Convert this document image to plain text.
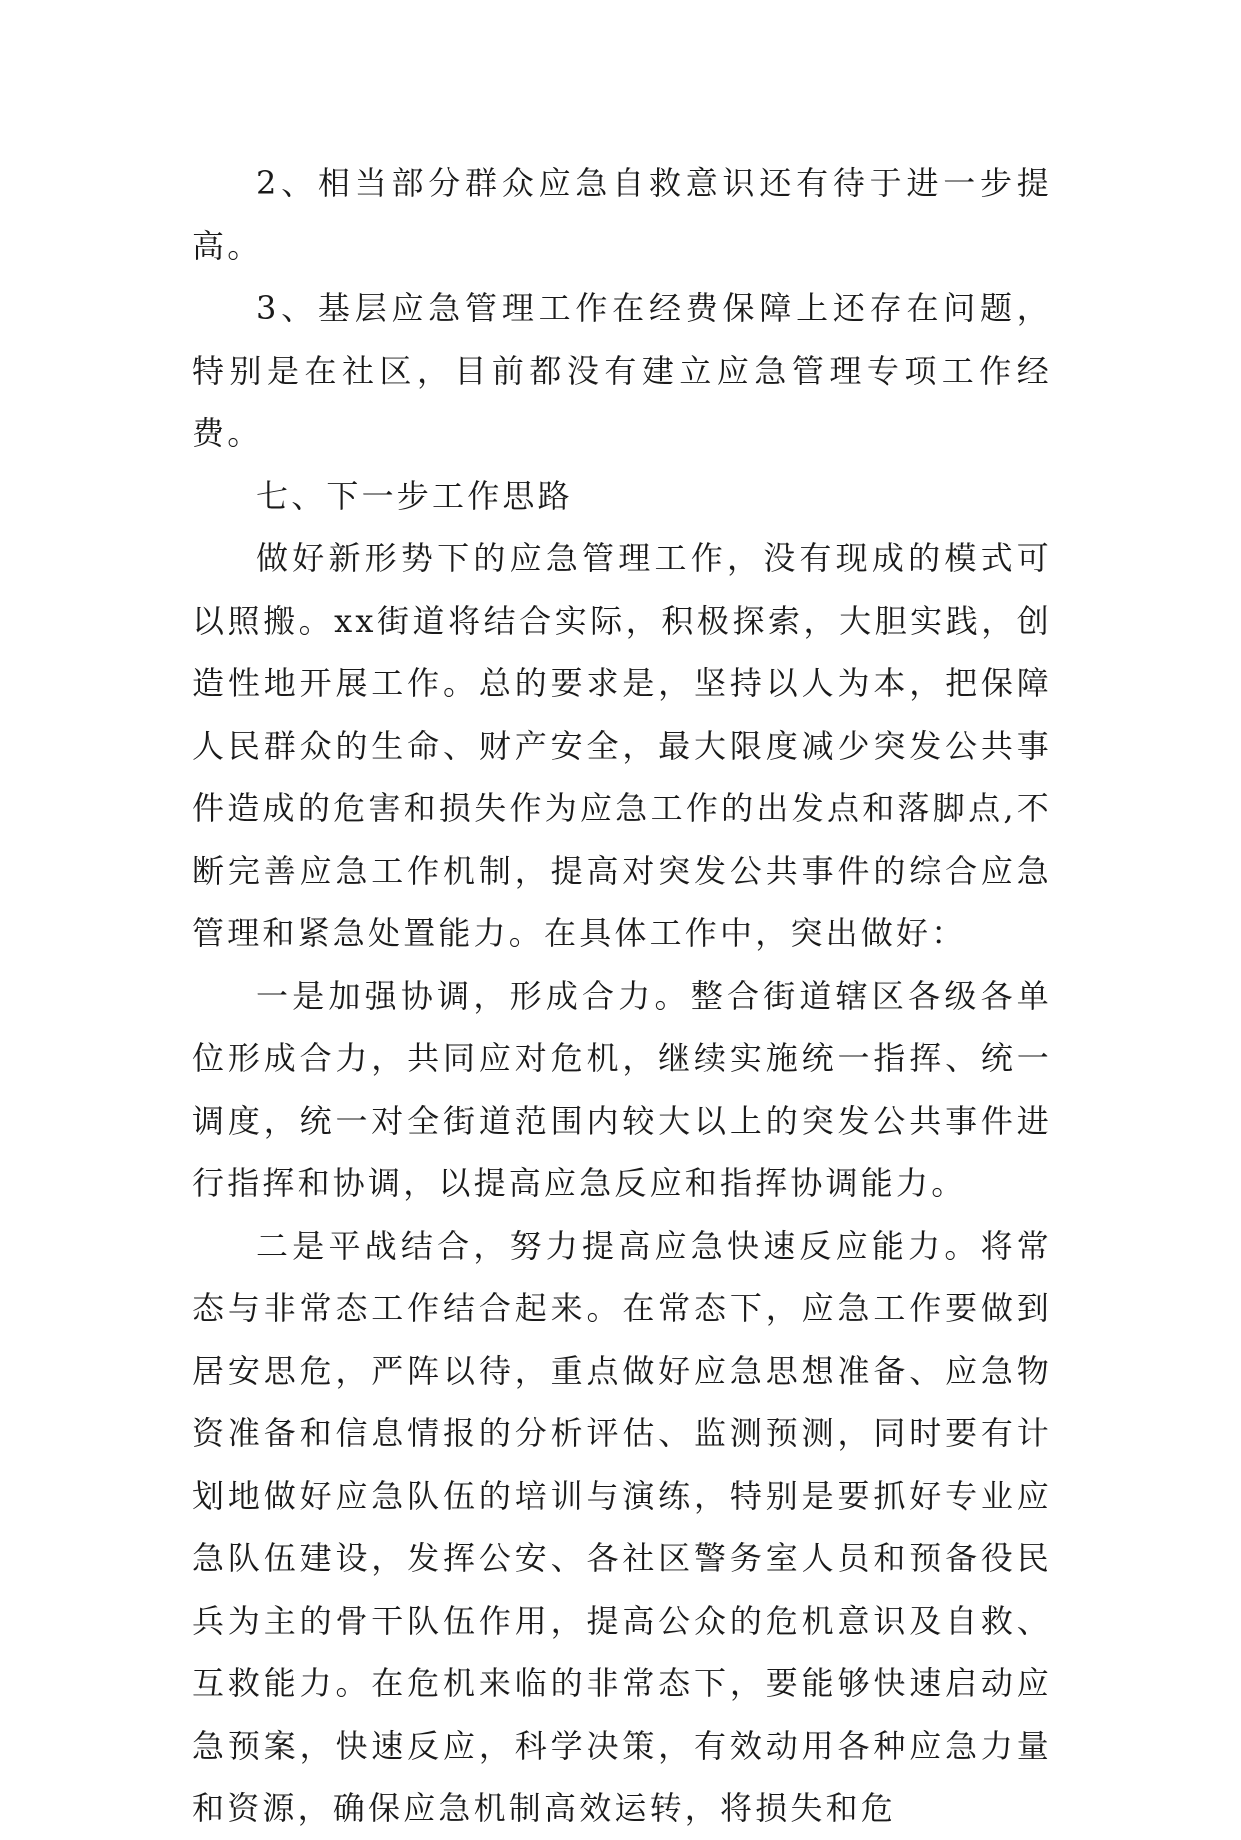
2、相当部分群众应急自救意识还有待于进一步提高。

3、基层应急管理工作在经费保障上还存在问题，特别是在社区，目前都没有建立应急管理专项工作经费。

七、下一步工作思路

做好新形势下的应急管理工作，没有现成的模式可以照搬。xx街道将结合实际，积极探索，大胆实践，创造性地开展工作。总的要求是，坚持以人为本，把保障人民群众的生命、财产安全，最大限度减少突发公共事件造成的危害和损失作为应急工作的出发点和落脚点,不断完善应急工作机制，提高对突发公共事件的综合应急管理和紧急处置能力。在具体工作中，突出做好：

一是加强协调，形成合力。整合街道辖区各级各单位形成合力，共同应对危机，继续实施统一指挥、统一调度，统一对全街道范围内较大以上的突发公共事件进行指挥和协调，以提高应急反应和指挥协调能力。

二是平战结合，努力提高应急快速反应能力。将常态与非常态工作结合起来。在常态下，应急工作要做到居安思危，严阵以待，重点做好应急思想准备、应急物资准备和信息情报的分析评估、监测预测，同时要有计划地做好应急队伍的培训与演练，特别是要抓好专业应急队伍建设，发挥公安、各社区警务室人员和预备役民兵为主的骨干队伍作用，提高公众的危机意识及自救、互救能力。在危机来临的非常态下，要能够快速启动应急预案，快速反应，科学决策，有效动用各种应急力量和资源，确保应急机制高效运转，将损失和危
